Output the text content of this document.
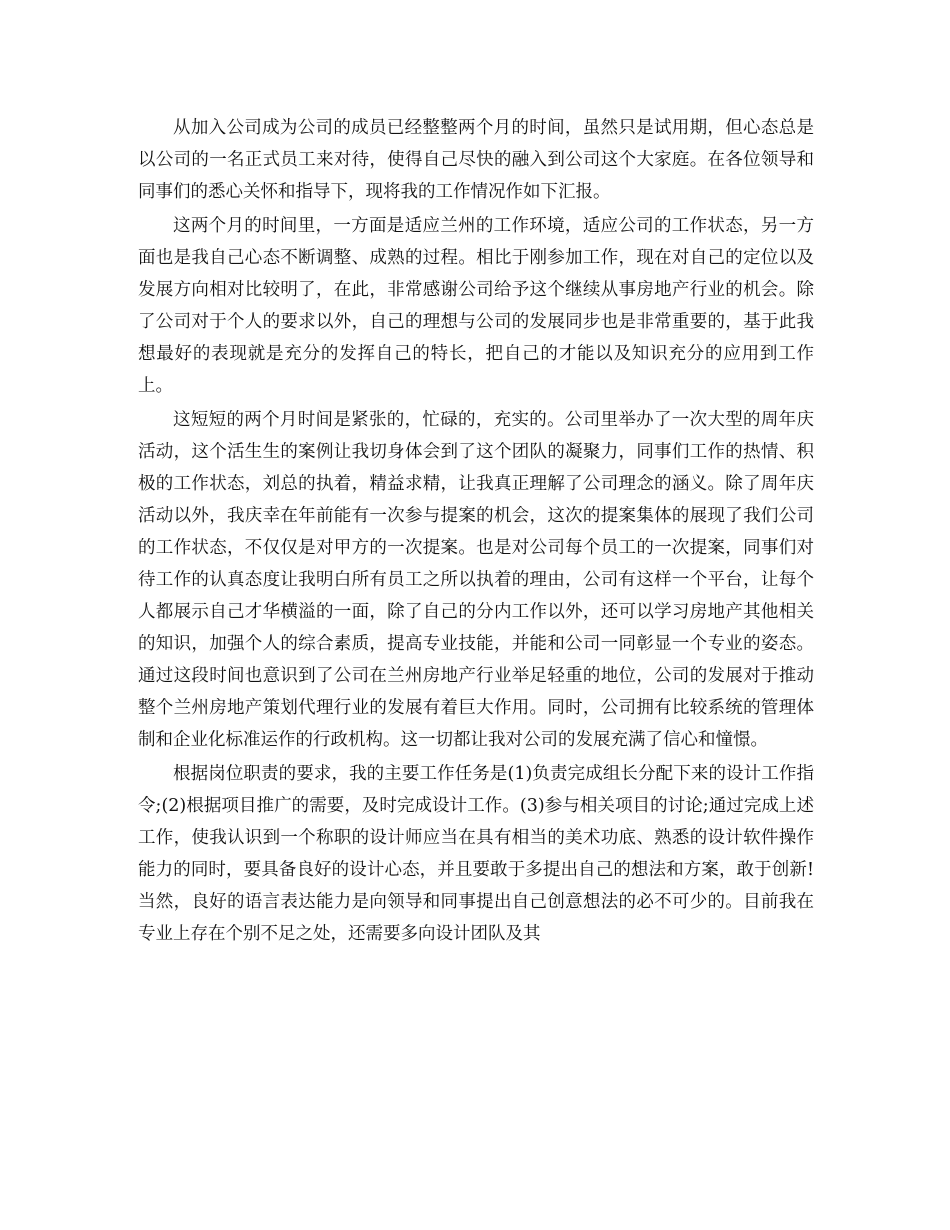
从加入公司成为公司的成员已经整整两个月的时间，虽然只是试用期，但心态总是以公司的一名正式员工来对待，使得自己尽快的融入到公司这个大家庭。在各位领导和同事们的悉心关怀和指导下，现将我的工作情况作如下汇报。

这两个月的时间里，一方面是适应兰州的工作环境，适应公司的工作状态，另一方面也是我自己心态不断调整、成熟的过程。相比于刚参加工作，现在对自己的定位以及发展方向相对比较明了，在此，非常感谢公司给予这个继续从事房地产行业的机会。除了公司对于个人的要求以外，自己的理想与公司的发展同步也是非常重要的，基于此我想最好的表现就是充分的发挥自己的特长，把自己的才能以及知识充分的应用到工作上。

这短短的两个月时间是紧张的，忙碌的，充实的。公司里举办了一次大型的周年庆活动，这个活生生的案例让我切身体会到了这个团队的凝聚力，同事们工作的热情、积极的工作状态，刘总的执着，精益求精，让我真正理解了公司理念的涵义。除了周年庆活动以外，我庆幸在年前能有一次参与提案的机会，这次的提案集体的展现了我们公司的工作状态，不仅仅是对甲方的一次提案。也是对公司每个员工的一次提案，同事们对待工作的认真态度让我明白所有员工之所以执着的理由，公司有这样一个平台，让每个人都展示自己才华横溢的一面，除了自己的分内工作以外，还可以学习房地产其他相关的知识，加强个人的综合素质，提高专业技能，并能和公司一同彰显一个专业的姿态。通过这段时间也意识到了公司在兰州房地产行业举足轻重的地位，公司的发展对于推动整个兰州房地产策划代理行业的发展有着巨大作用。同时，公司拥有比较系统的管理体制和企业化标准运作的行政机构。这一切都让我对公司的发展充满了信心和憧憬。

根据岗位职责的要求，我的主要工作任务是(1)负责完成组长分配下来的设计工作指令;(2)根据项目推广的需要，及时完成设计工作。(3)参与相关项目的讨论;通过完成上述工作，使我认识到一个称职的设计师应当在具有相当的美术功底、熟悉的设计软件操作能力的同时，要具备良好的设计心态，并且要敢于多提出自己的想法和方案，敢于创新!当然，良好的语言表达能力是向领导和同事提出自己创意想法的必不可少的。目前我在专业上存在个别不足之处，还需要多向设计团队及其
